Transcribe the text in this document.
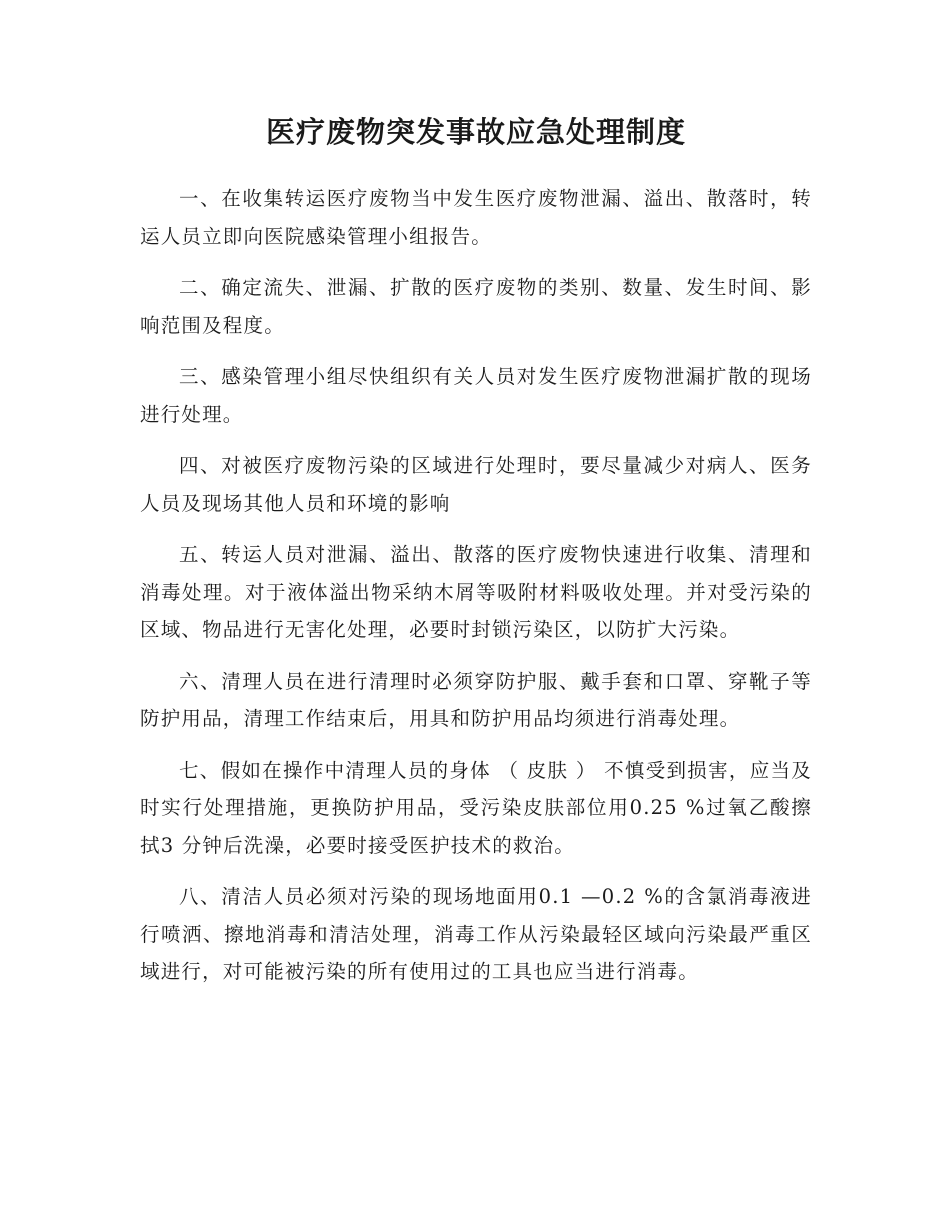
医疗废物突发事故应急处理制度

一、在收集转运医疗废物当中发生医疗废物泄漏、溢出、散落时，转运人员立即向医院感染管理小组报告。

二、确定流失、泄漏、扩散的医疗废物的类别、数量、发生时间、影响范围及程度。

三、感染管理小组尽快组织有关人员对发生医疗废物泄漏扩散的现场进行处理。

四、对被医疗废物污染的区域进行处理时，要尽量减少对病人、医务人员及现场其他人员和环境的影响

五、转运人员对泄漏、溢出、散落的医疗废物快速进行收集、清理和消毒处理。对于液体溢出物采纳木屑等吸附材料吸收处理。并对受污染的区域、物品进行无害化处理，必要时封锁污染区，以防扩大污染。

六、清理人员在进行清理时必须穿防护服、戴手套和口罩、穿靴子等防护用品，清理工作结束后，用具和防护用品均须进行消毒处理。

七、假如在操作中清理人员的身体 （ 皮肤 ） 不慎受到损害，应当及时实行处理措施，更换防护用品，受污染皮肤部位用0.25 %过氧乙酸擦拭3 分钟后洗澡，必要时接受医护技术的救治。

八、清洁人员必须对污染的现场地面用0.1 —0.2 %的含氯消毒液进行喷洒、擦地消毒和清洁处理，消毒工作从污染最轻区域向污染最严重区域进行，对可能被污染的所有使用过的工具也应当进行消毒。
